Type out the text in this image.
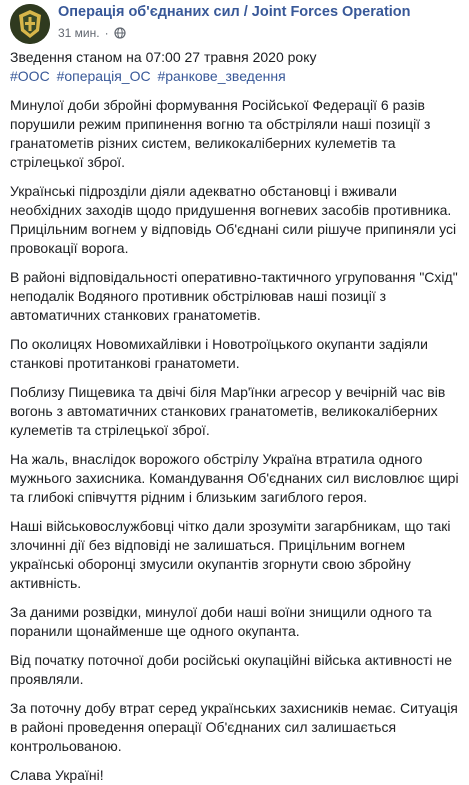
Операція об'єднаних сил / Joint Forces Operation
31 мин. ·
Зведення станом на 07:00 27 травня 2020 року
#ООС #операція_ОС #ранкове_зведення

Минулої доби збройні формування Російської Федерації 6 разів порушили режим припинення вогню та обстріляли наші позиції з гранатометів різних систем, великокаліберних кулеметів та стрілецької зброї.

Українські підрозділи діяли адекватно обстановці і вживали необхідних заходів щодо придушення вогневих засобів противника. Прицільним вогнем у відповідь Об'єднані сили рішуче припиняли усі провокації ворога.

В районі відповідальності оперативно-тактичного угруповання "Схід" неподалік Водяного противник обстрілював наші позиції з автоматичних станкових гранатометів.

По околицях Новомихайлівки і Новотроїцького окупанти задіяли станкові протитанкові гранатомети.

Поблизу Пищевика та двічі біля Мар'їнки агресор у вечірній час вів вогонь з автоматичних станкових гранатометів, великокаліберних кулеметів та стрілецької зброї.

На жаль, внаслідок ворожого обстрілу Україна втратила одного мужнього захисника. Командування Об'єднаних сил висловлює щирі та глибокі співчуття рідним і близьким загиблого героя.

Наші військовослужбовці чітко дали зрозуміти загарбникам, що такі злочинні дії без відповіді не залишаться. Прицільним вогнем українські оборонці змусили окупантів згорнути свою збройну активність.

За даними розвідки, минулої доби наші воїни знищили одного та поранили щонайменше ще одного окупанта.

Від початку поточної доби російські окупаційні війська активності не проявляли.

За поточну добу втрат серед українських захисників немає. Ситуація в районі проведення операції Об'єднаних сил залишається контрольованою.

Слава Україні!
